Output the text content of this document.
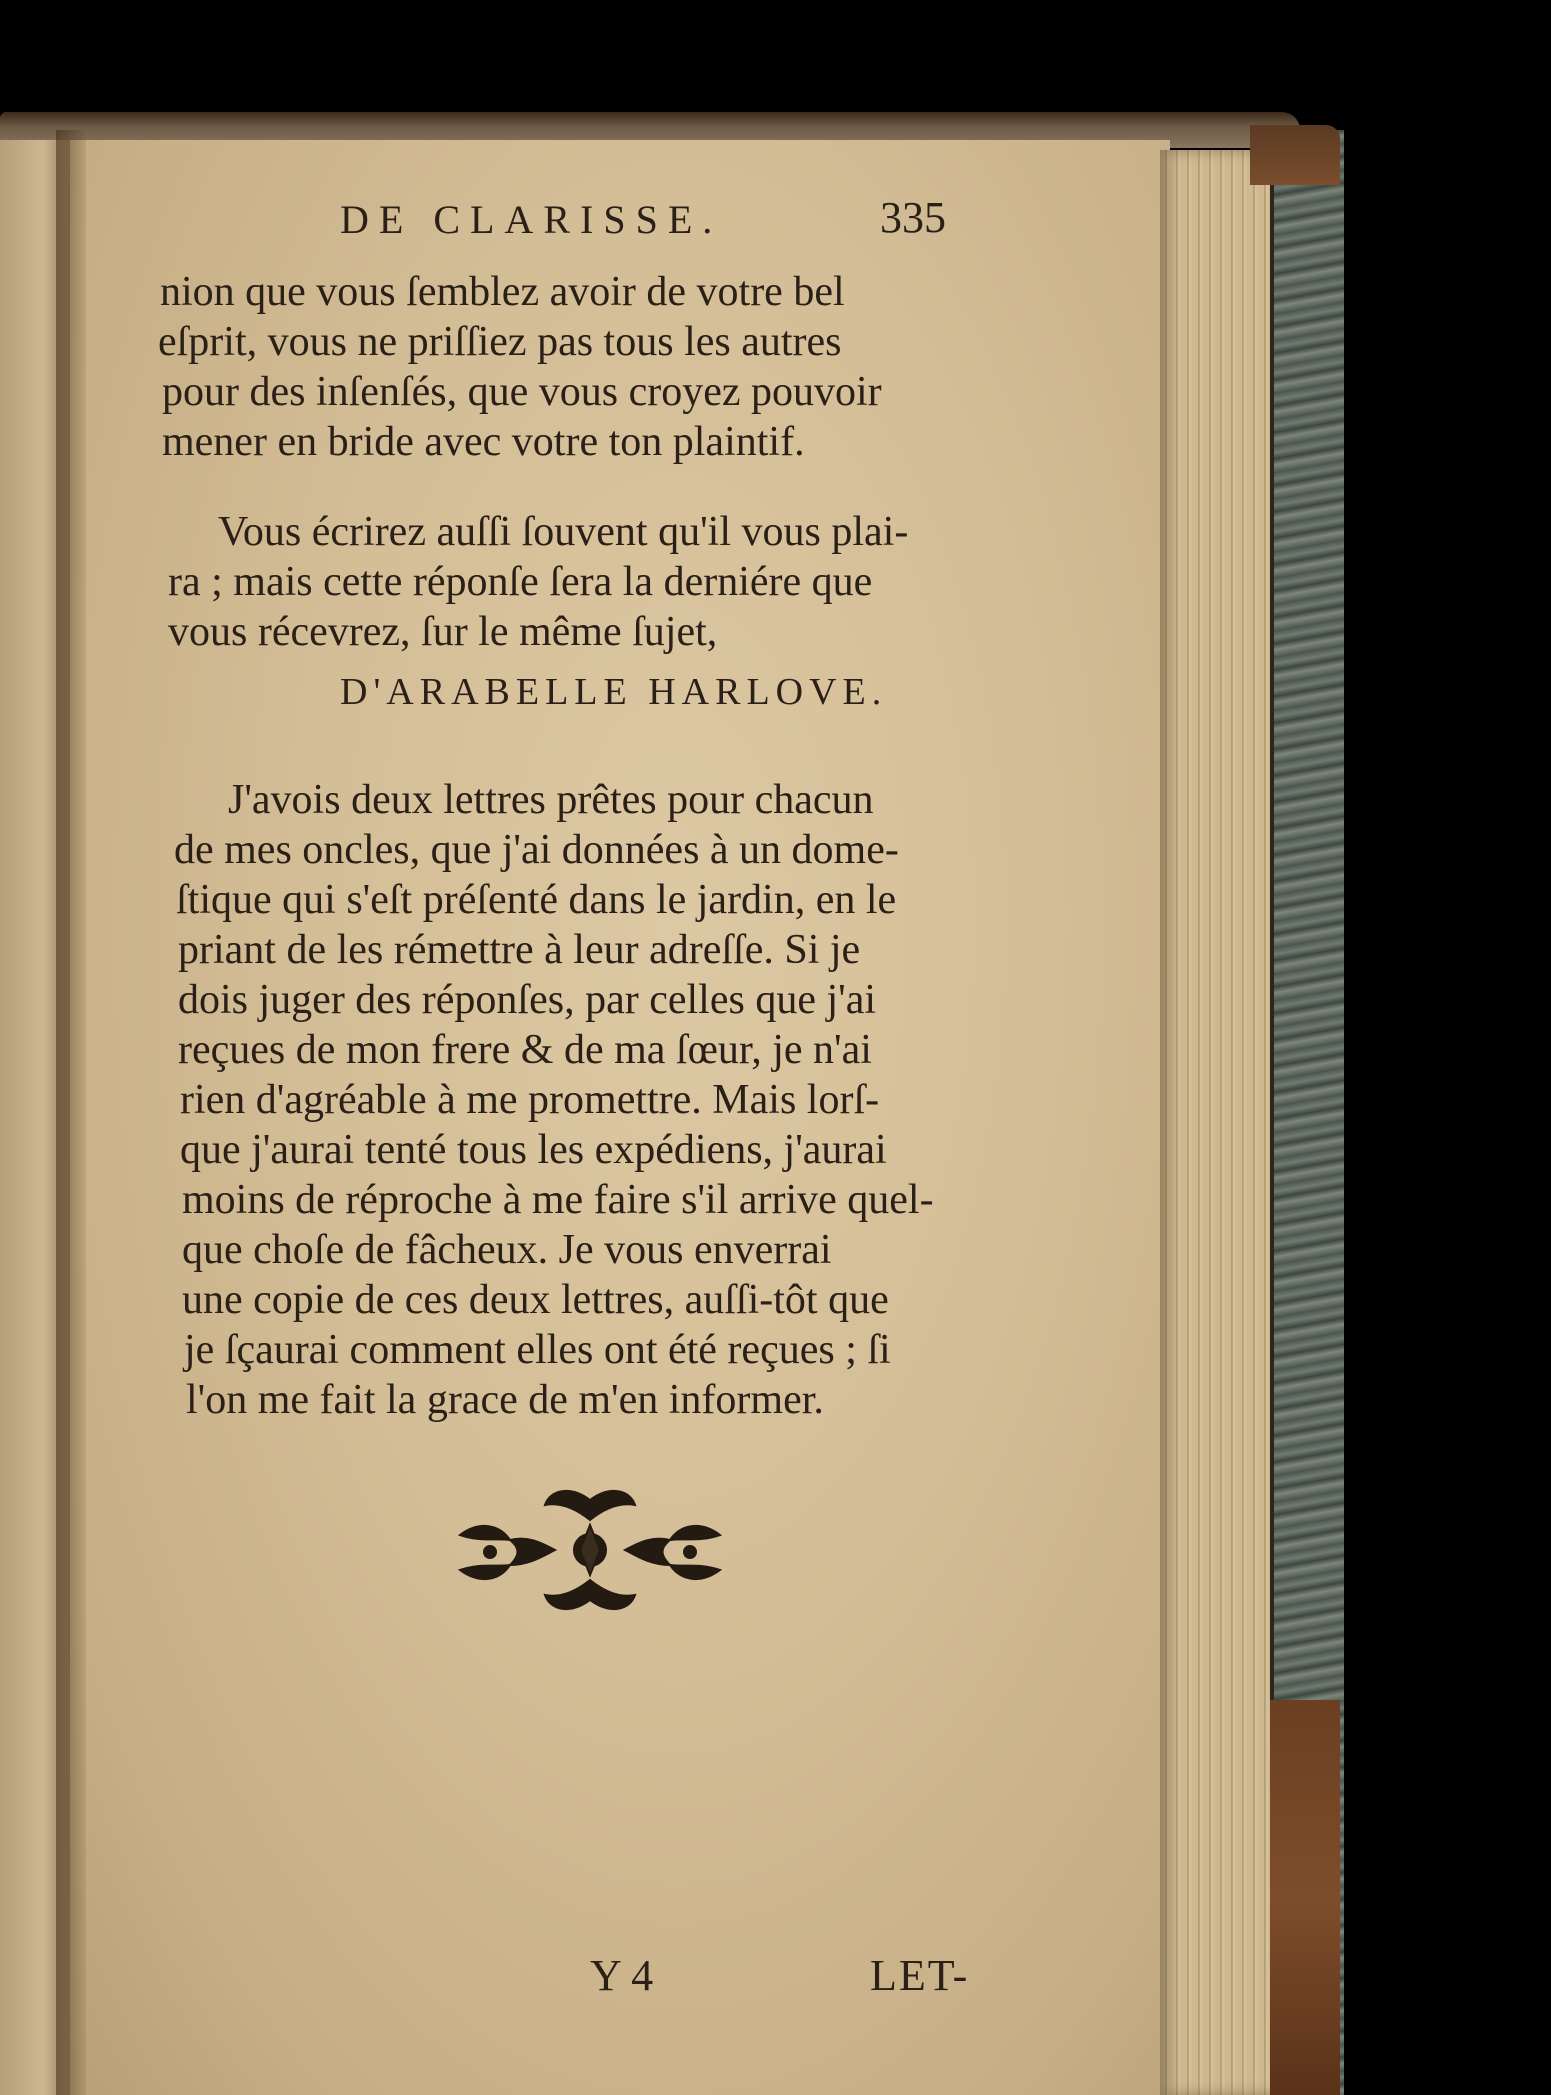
DE CLARISSE.	335
nion que vous ſemblez avoir de votre bel
eſprit, vous ne priſſiez pas tous les autres
pour des inſenſés, que vous croyez pouvoir
mener en bride avec votre ton plaintif.
Vous écrirez auſſi ſouvent qu'il vous plai-
ra ; mais cette réponſe ſera la derniére que
vous récevrez, ſur le même ſujet,
D'ARABELLE HARLOVE.
J'avois deux lettres prêtes pour chacun
de mes oncles, que j'ai données à un dome-
ſtique qui s'eſt préſenté dans le jardin, en le
priant de les rémettre à leur adreſſe. Si je
dois juger des réponſes, par celles que j'ai
reçues de mon frere & de ma ſœur, je n'ai
rien d'agréable à me promettre. Mais lorſ-
que j'aurai tenté tous les expédiens, j'aurai
moins de réproche à me faire s'il arrive quel-
que choſe de fâcheux. Je vous enverrai
une copie de ces deux lettres, auſſi-tôt que
je ſçaurai comment elles ont été reçues ; ſi
l'on me fait la grace de m'en informer.
Y 4	LET-
